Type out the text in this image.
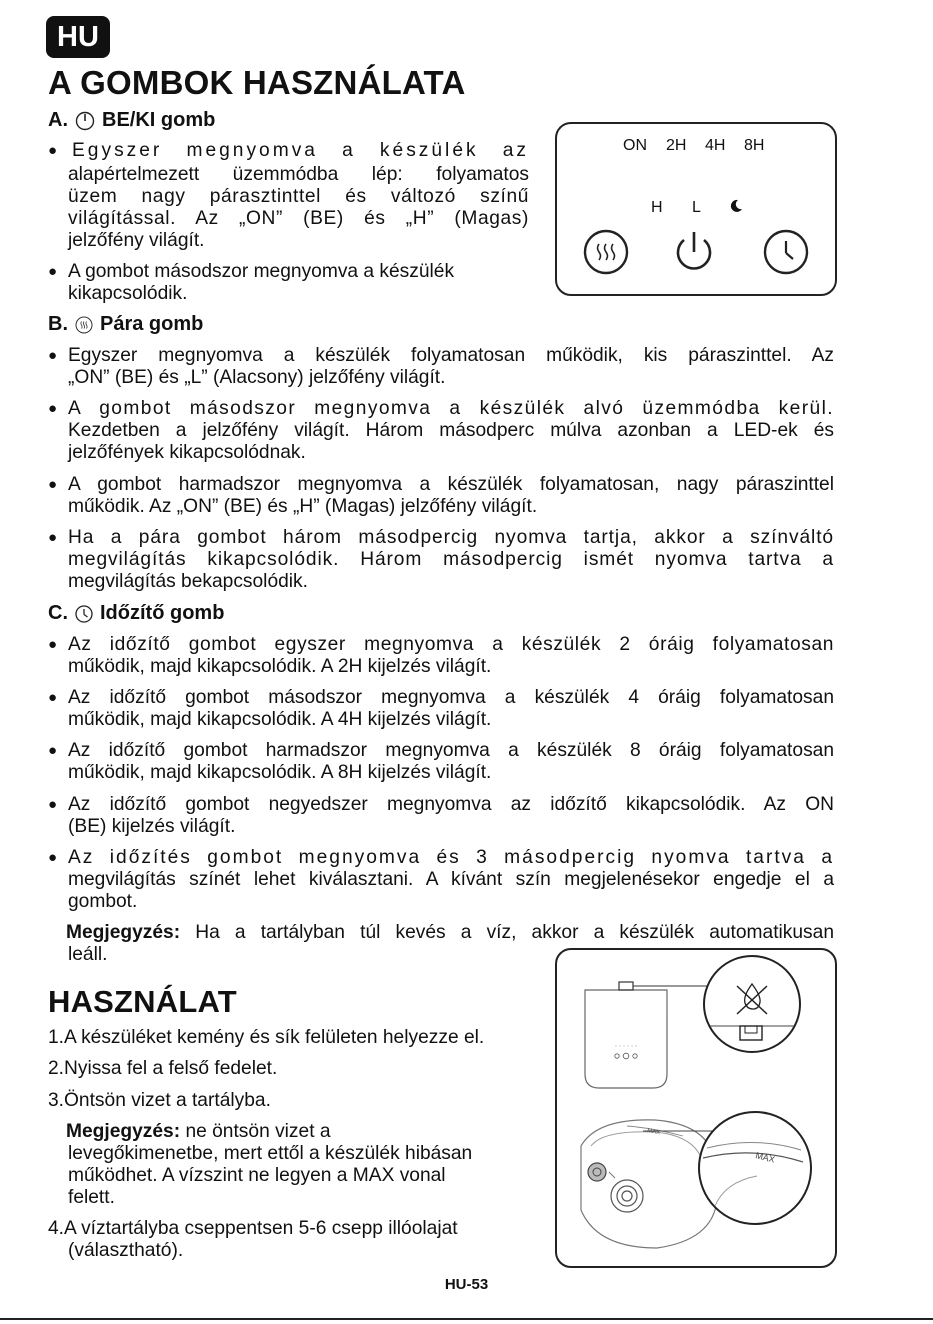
HU
A GOMBOK HASZNÁLATA
A. BE/KI gomb
● Egyszer megnyomva a készülék az
alapértelmezett üzemmódba lép: folyamatos
üzem nagy párasztinttel és változó színű
világítással. Az „ON” (BE) és „H” (Magas)
jelzőfény világít.
● A gombot másodszor megnyomva a készülék
kikapcsolódik.
ON 2H 4H 8H
H L
B. Pára gomb
● Egyszer megnyomva a készülék folyamatosan működik, kis páraszinttel. Az
„ON” (BE) és „L” (Alacsony) jelzőfény világít.
● A gombot másodszor megnyomva a készülék alvó üzemmódba kerül.
Kezdetben a jelzőfény világít. Három másodperc múlva azonban a LED-ek és
jelzőfények kikapcsolódnak.
● A gombot harmadszor megnyomva a készülék folyamatosan, nagy páraszinttel
működik. Az „ON” (BE) és „H” (Magas) jelzőfény világít.
● Ha a pára gombot három másodpercig nyomva tartja, akkor a színváltó
megvilágítás kikapcsolódik. Három másodpercig ismét nyomva tartva a
megvilágítás bekapcsolódik.
C. Időzítő gomb
● Az időzítő gombot egyszer megnyomva a készülék 2 óráig folyamatosan
működik, majd kikapcsolódik. A 2H kijelzés világít.
● Az időzítő gombot másodszor megnyomva a készülék 4 óráig folyamatosan
működik, majd kikapcsolódik. A 4H kijelzés világít.
● Az időzítő gombot harmadszor megnyomva a készülék 8 óráig folyamatosan
működik, majd kikapcsolódik. A 8H kijelzés világít.
● Az időzítő gombot negyedszer megnyomva az időzítő kikapcsolódik. Az ON
(BE) kijelzés világít.
● Az időzítés gombot megnyomva és 3 másodpercig nyomva tartva a
megvilágítás színét lehet kiválasztani. A kívánt szín megjelenésekor engedje el a
gombot.
Megjegyzés: Ha a tartályban túl kevés a víz, akkor a készülék automatikusan
leáll.
HASZNÁLAT
1.A készüléket kemény és sík felületen helyezze el.
2.Nyissa fel a felső fedelet.
3.Öntsön vizet a tartályba.
Megjegyzés: ne öntsön vizet a
levegőkimenetbe, mert ettől a készülék hibásan
működhet. A vízszint ne legyen a MAX vonal
felett.
4.A víztartályba cseppentsen 5-6 csepp illóolajat
(választható).
MAX
MAX
HU-53
